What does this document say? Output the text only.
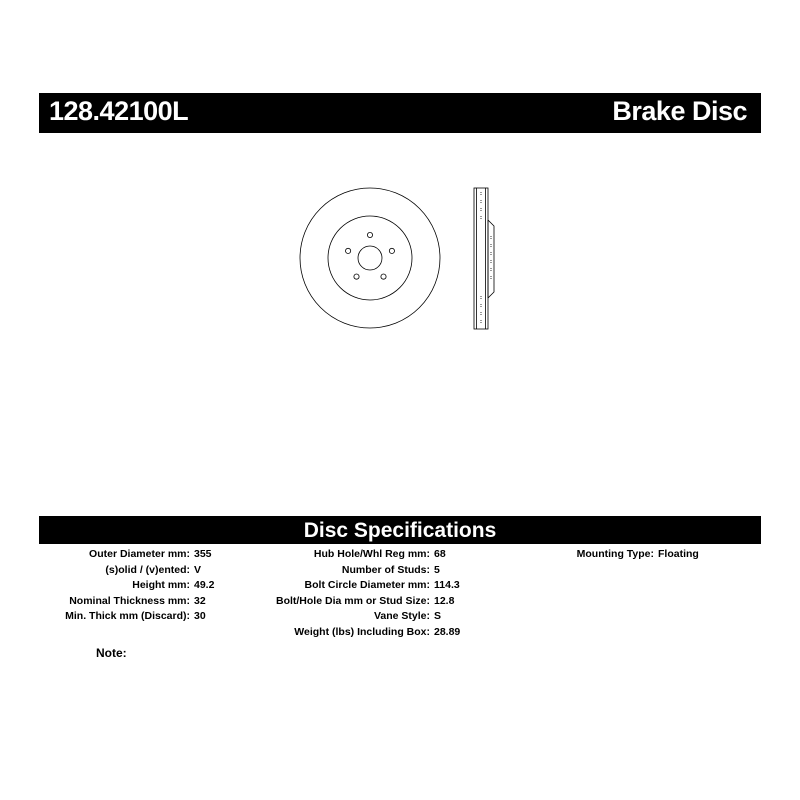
128.42100L	Brake Disc
Disc Specifications
Outer Diameter mm: 355
(s)olid / (v)ented: V
Height mm: 49.2
Nominal Thickness mm: 32
Min. Thick mm (Discard): 30
Hub Hole/Whl Reg mm: 68
Number of Studs: 5
Bolt Circle Diameter mm: 114.3
Bolt/Hole Dia mm or Stud Size: 12.8
Vane Style: S
Weight (lbs) Including Box: 28.89
Mounting Type: Floating
Note:
